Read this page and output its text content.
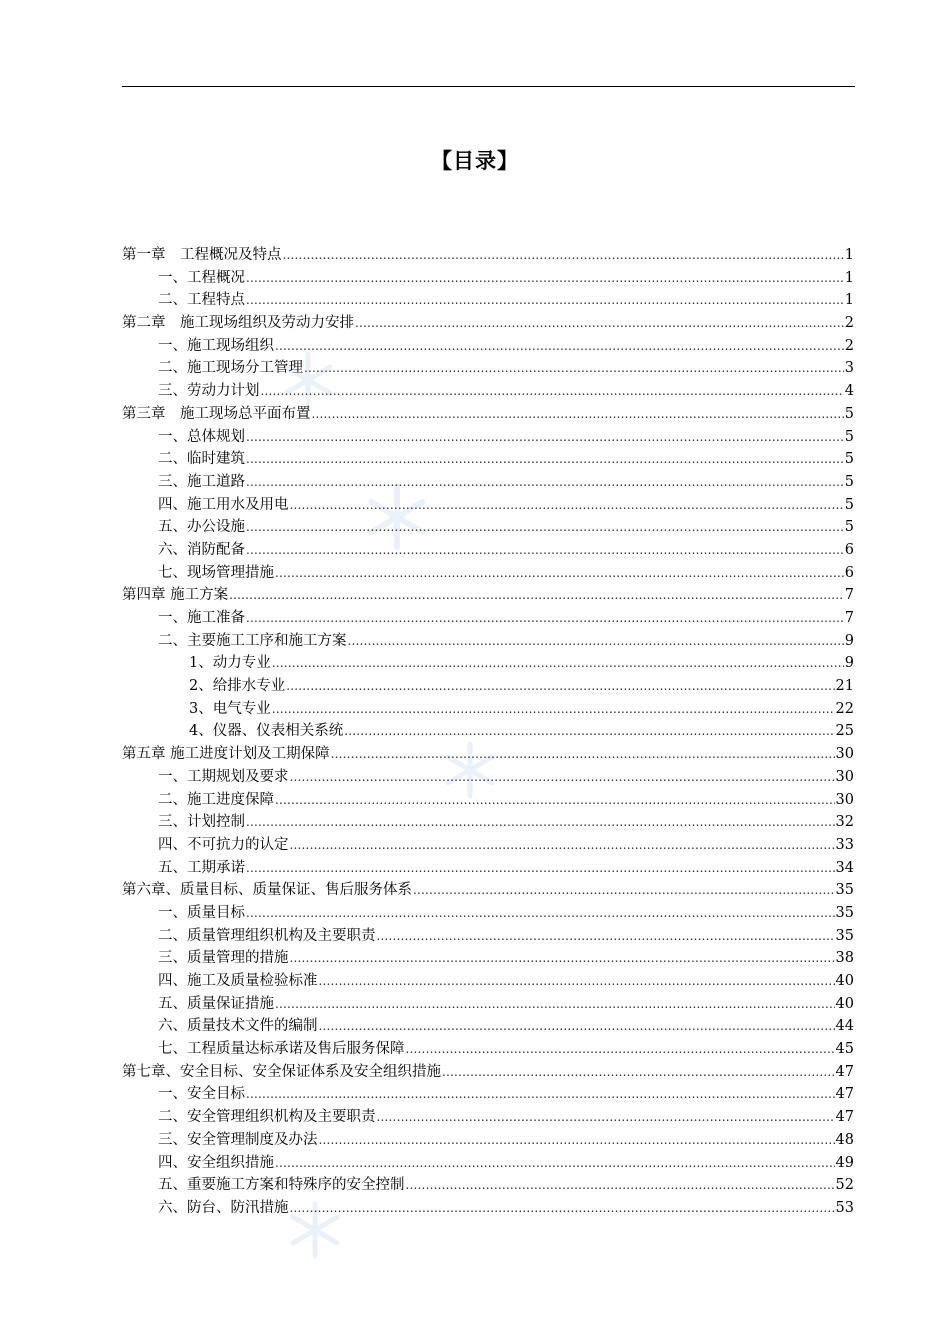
【目录】
第一章　工程概况及特点 .....	1
一、工程概况 .....	1
二、工程特点 .....	1
第二章　施工现场组织及劳动力安排 .....	2
一、施工现场组织 .....	2
二、施工现场分工管理 .....	3
三、劳动力计划 .....	4
第三章　施工现场总平面布置 .....	5
一、总体规划 .....	5
二、临时建筑 .....	5
三、施工道路 .....	5
四、施工用水及用电 .....	5
五、办公设施 .....	5
六、消防配备 .....	6
七、现场管理措施 .....	6
第四章 施工方案 .....	7
一、施工准备 .....	7
二、主要施工工序和施工方案 .....	9
1、动力专业 .....	9
2、给排水专业 .....	21
3、电气专业 .....	22
4、仪器、仪表相关系统 .....	25
第五章 施工进度计划及工期保障 .....	30
一、工期规划及要求 .....	30
二、施工进度保障 .....	30
三、计划控制 .....	32
四、不可抗力的认定 .....	33
五、工期承诺 .....	34
第六章、质量目标、质量保证、售后服务体系 .....	35
一、质量目标 .....	35
二、质量管理组织机构及主要职责 .....	35
三、质量管理的措施 .....	38
四、施工及质量检验标准 .....	40
五、质量保证措施 .....	40
六、质量技术文件的编制 .....	44
七、工程质量达标承诺及售后服务保障 .....	45
第七章、安全目标、安全保证体系及安全组织措施 .....	47
一、安全目标 .....	47
二、安全管理组织机构及主要职责 .....	47
三、安全管理制度及办法 .....	48
四、安全组织措施 .....	49
五、重要施工方案和特殊序的安全控制 .....	52
六、防台、防汛措施 .....	53
